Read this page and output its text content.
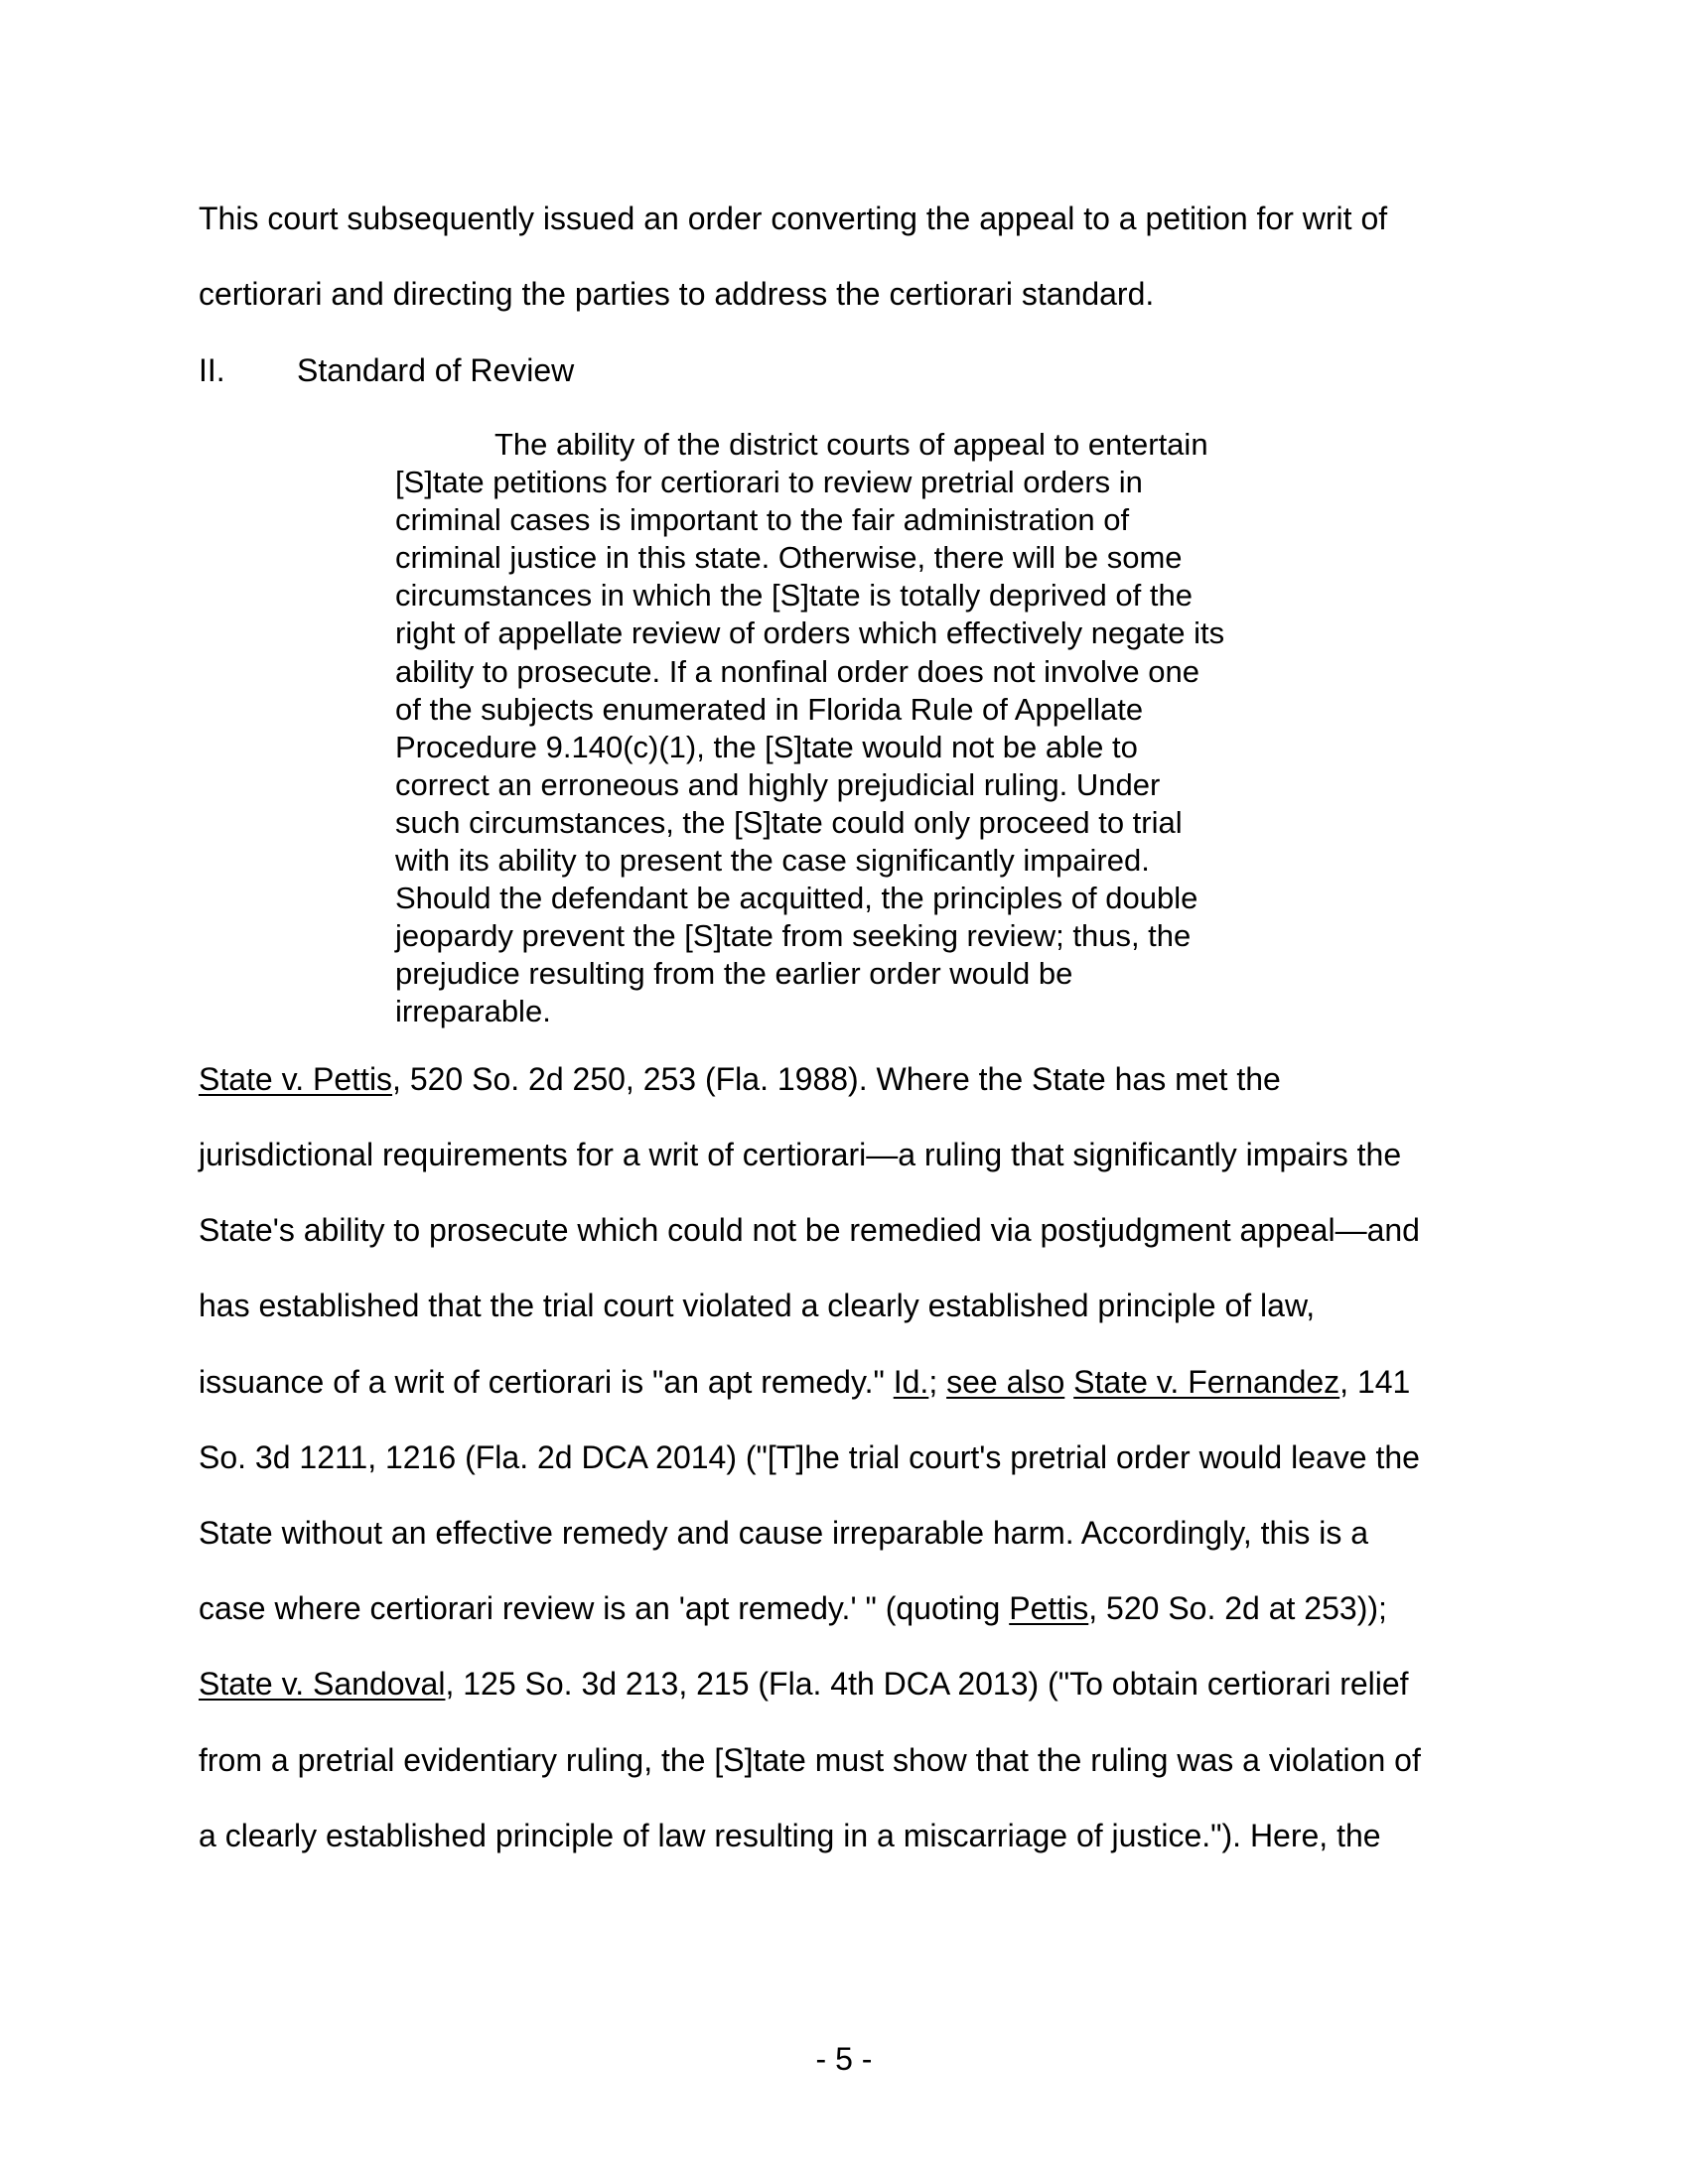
This court subsequently issued an order converting the appeal to a petition for writ of
certiorari and directing the parties to address the certiorari standard.
II. Standard of Review
The ability of the district courts of appeal to entertain
[S]tate petitions for certiorari to review pretrial orders in
criminal cases is important to the fair administration of
criminal justice in this state. Otherwise, there will be some
circumstances in which the [S]tate is totally deprived of the
right of appellate review of orders which effectively negate its
ability to prosecute. If a nonfinal order does not involve one
of the subjects enumerated in Florida Rule of Appellate
Procedure 9.140(c)(1), the [S]tate would not be able to
correct an erroneous and highly prejudicial ruling. Under
such circumstances, the [S]tate could only proceed to trial
with its ability to present the case significantly impaired.
Should the defendant be acquitted, the principles of double
jeopardy prevent the [S]tate from seeking review; thus, the
prejudice resulting from the earlier order would be
irreparable.
State v. Pettis, 520 So. 2d 250, 253 (Fla. 1988). Where the State has met the
jurisdictional requirements for a writ of certiorari—a ruling that significantly impairs the
State's ability to prosecute which could not be remedied via postjudgment appeal—and
has established that the trial court violated a clearly established principle of law,
issuance of a writ of certiorari is "an apt remedy." Id.; see also State v. Fernandez, 141
So. 3d 1211, 1216 (Fla. 2d DCA 2014) ("[T]he trial court's pretrial order would leave the
State without an effective remedy and cause irreparable harm. Accordingly, this is a
case where certiorari review is an 'apt remedy.' " (quoting Pettis, 520 So. 2d at 253));
State v. Sandoval, 125 So. 3d 213, 215 (Fla. 4th DCA 2013) ("To obtain certiorari relief
from a pretrial evidentiary ruling, the [S]tate must show that the ruling was a violation of
a clearly established principle of law resulting in a miscarriage of justice."). Here, the
- 5 -
